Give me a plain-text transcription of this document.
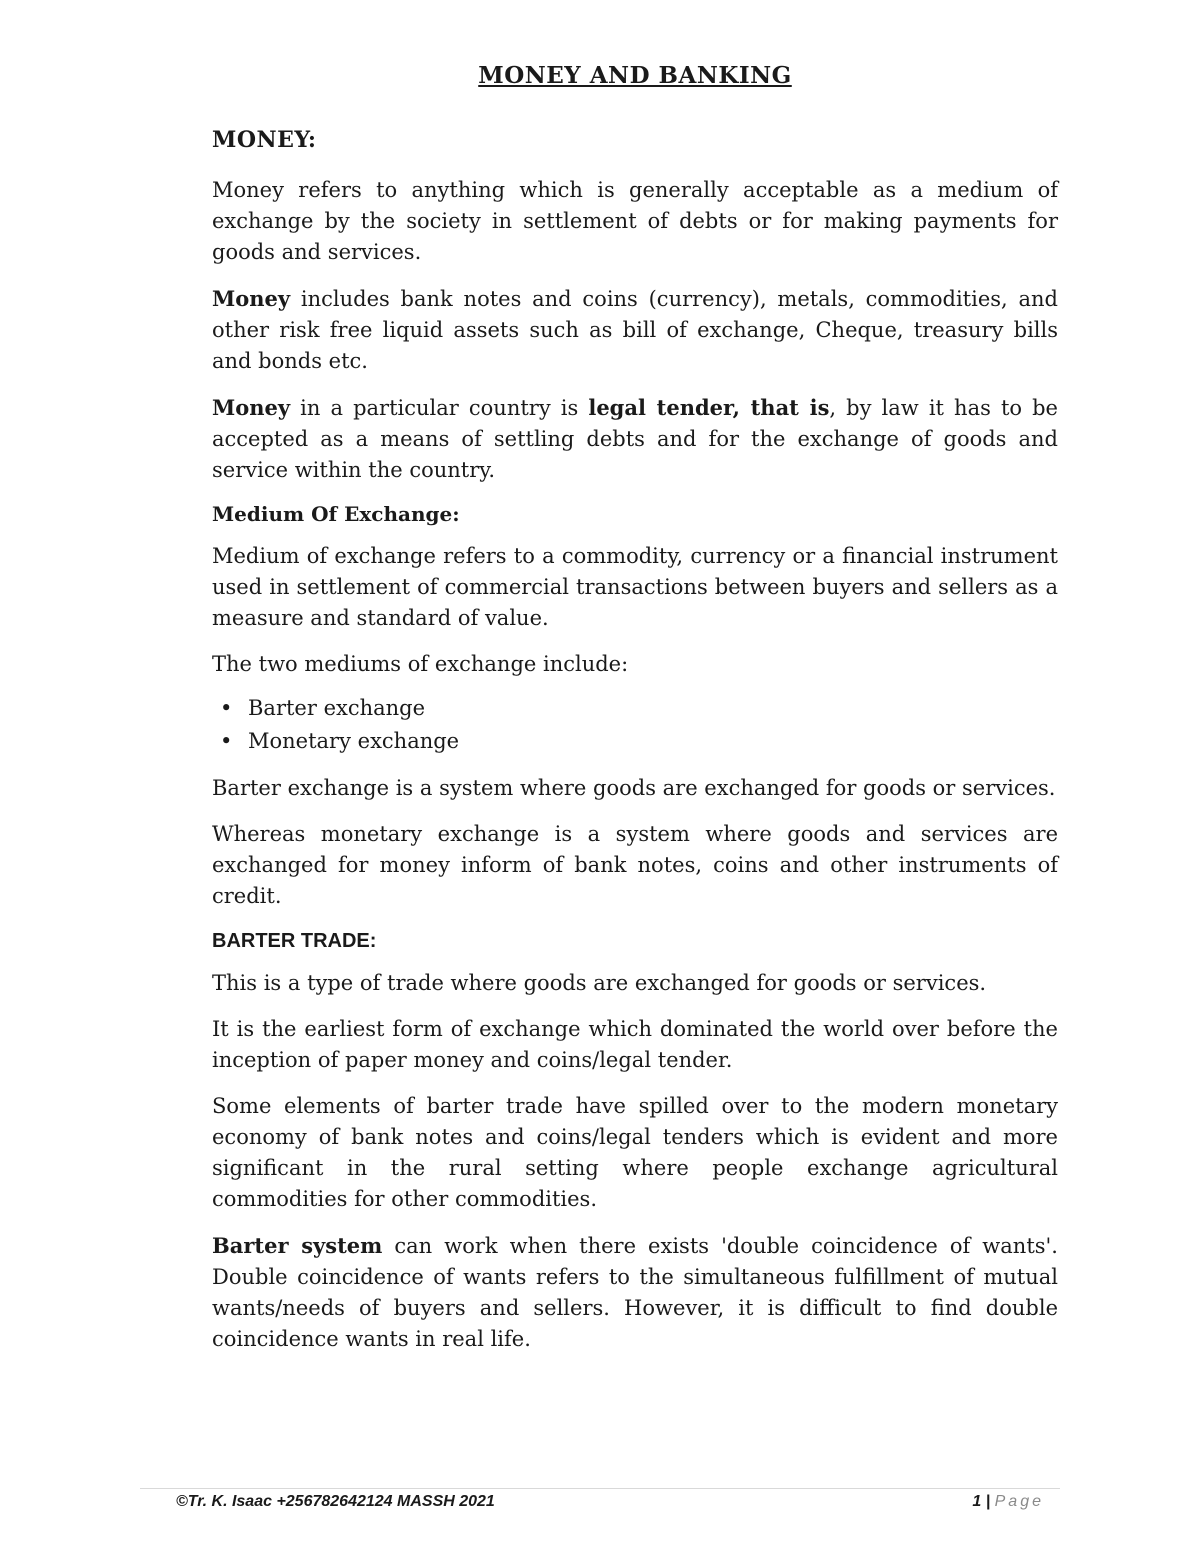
MONEY AND BANKING
MONEY:

Money refers to anything which is generally acceptable as a medium of exchange by the society in settlement of debts or for making payments for goods and services.

Money includes bank notes and coins (currency), metals, commodities, and other risk free liquid assets such as bill of exchange, Cheque, treasury bills and bonds etc.

Money in a particular country is legal tender, that is, by law it has to be accepted as a means of settling debts and for the exchange of goods and service within the country.

Medium Of Exchange:

Medium of exchange refers to a commodity, currency or a financial instrument used in settlement of commercial transactions between buyers and sellers as a measure and standard of value.

The two mediums of exchange include:

• Barter exchange
• Monetary exchange

Barter exchange is a system where goods are exchanged for goods or services.

Whereas monetary exchange is a system where goods and services are exchanged for money inform of bank notes, coins and other instruments of credit.

BARTER TRADE:

This is a type of trade where goods are exchanged for goods or services.

It is the earliest form of exchange which dominated the world over before the inception of paper money and coins/legal tender.

Some elements of barter trade have spilled over to the modern monetary economy of bank notes and coins/legal tenders which is evident and more significant in the rural setting where people exchange agricultural commodities for other commodities.

Barter system can work when there exists 'double coincidence of wants'. Double coincidence of wants refers to the simultaneous fulfillment of mutual wants/needs of buyers and sellers. However, it is difficult to find double coincidence wants in real life.

©Tr. K. Isaac +256782642124 MASSH 2021	1 | Page
